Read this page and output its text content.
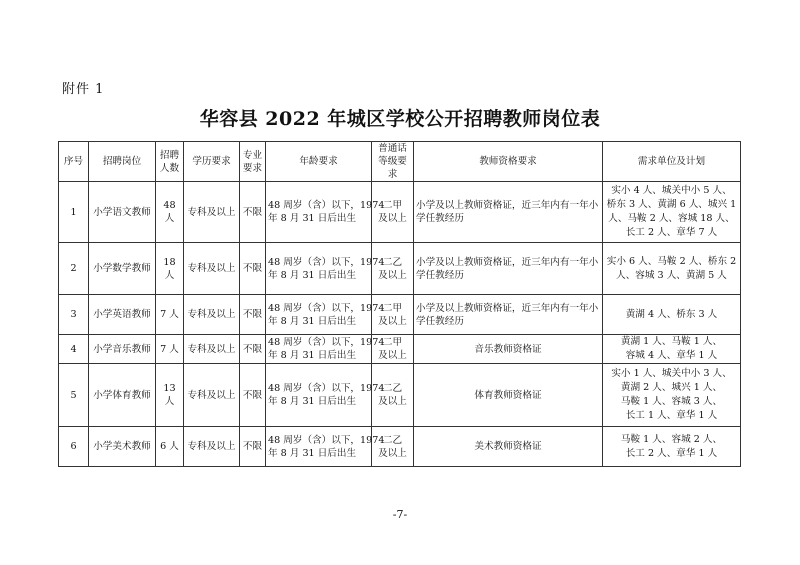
附件 1
华容县 2022 年城区学校公开招聘教师岗位表
序号	招聘岗位	招聘人数	学历要求	专业要求	年龄要求	普通话等级要求	教师资格要求	需求单位及计划
1	小学语文教师	48 人	专科及以上	不限	48 周岁（含）以下，1974
年 8 月 31 日后出生	二甲
及以上	小学及以上教师资格证，近三年内有一年小学任教经历	实小 4 人、城关中小 5 人、
桥东 3 人、黄湖 6 人、城兴 1
人、马鞍 2 人、容城 18 人、
长工 2 人、章华 7 人
2	小学数学教师	18 人	专科及以上	不限	48 周岁（含）以下，1974
年 8 月 31 日后出生	二乙
及以上	小学及以上教师资格证，近三年内有一年小学任教经历	实小 6 人、马鞍 2 人、桥东 2
人、容城 3 人、黄湖 5 人
3	小学英语教师	7 人	专科及以上	不限	48 周岁（含）以下，1974
年 8 月 31 日后出生	二甲
及以上	小学及以上教师资格证，近三年内有一年小学任教经历	黄湖 4 人、桥东 3 人
4	小学音乐教师	7 人	专科及以上	不限	48 周岁（含）以下，1974
年 8 月 31 日后出生	二甲
及以上	音乐教师资格证	黄湖 1 人、马鞍 1 人、
容城 4 人、章华 1 人
5	小学体育教师	13 人	专科及以上	不限	48 周岁（含）以下，1974
年 8 月 31 日后出生	二乙
及以上	体育教师资格证	实小 1 人、城关中小 3 人、
黄湖 2 人、城兴 1 人、
马鞍 1 人、容城 3 人、
长工 1 人、章华 1 人
6	小学美术教师	6 人	专科及以上	不限	48 周岁（含）以下，1974
年 8 月 31 日后出生	二乙
及以上	美术教师资格证	马鞍 1 人、容城 2 人、
长工 2 人、章华 1 人
-7-
